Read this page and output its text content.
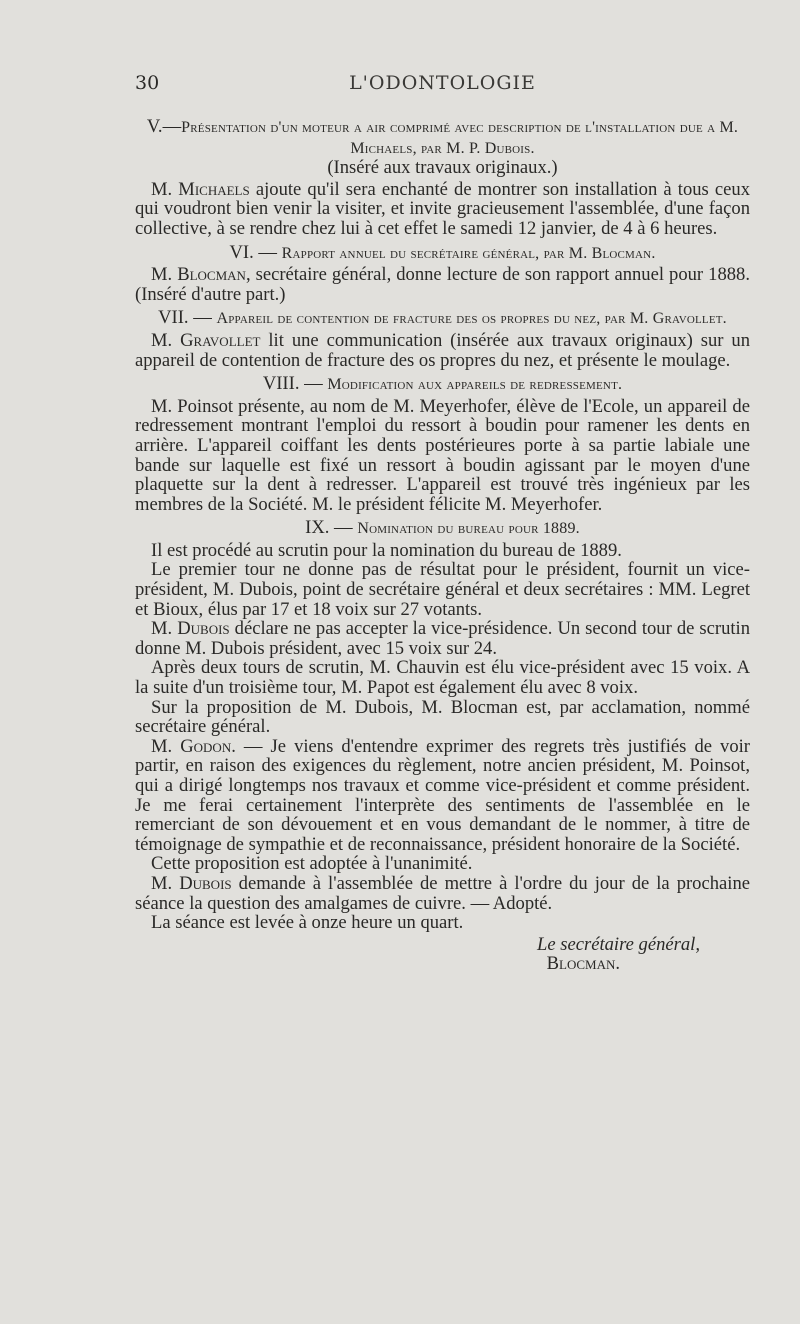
30	L'ODONTOLOGIE

V.—Présentation d'un moteur a air comprimé avec description de l'installation due a M. Michaels, par M. P. Dubois.
(Inséré aux travaux originaux.)

M. Michaels ajoute qu'il sera enchanté de montrer son installation à tous ceux qui voudront bien venir la visiter, et invite gracieusement l'assemblée, d'une façon collective, à se rendre chez lui à cet effet le samedi 12 janvier, de 4 à 6 heures.

VI. — Rapport annuel du secrétaire général, par M. Blocman.

M. Blocman, secrétaire général, donne lecture de son rapport annuel pour 1888. (Inséré d'autre part.)

VII. — Appareil de contention de fracture des os propres du nez, par M. Gravollet.

M. Gravollet lit une communication (insérée aux travaux originaux) sur un appareil de contention de fracture des os propres du nez, et présente le moulage.

VIII. — Modification aux appareils de redressement.

M. Poinsot présente, au nom de M. Meyerhofer, élève de l'Ecole, un appareil de redressement montrant l'emploi du ressort à boudin pour ramener les dents en arrière. L'appareil coiffant les dents postérieures porte à sa partie labiale une bande sur laquelle est fixé un ressort à boudin agissant par le moyen d'une plaquette sur la dent à redresser. L'appareil est trouvé très ingénieux par les membres de la Société. M. le président félicite M. Meyerhofer.

IX. — Nomination du bureau pour 1889.

Il est procédé au scrutin pour la nomination du bureau de 1889.

Le premier tour ne donne pas de résultat pour le président, fournit un vice-président, M. Dubois, point de secrétaire général et deux secrétaires : MM. Legret et Bioux, élus par 17 et 18 voix sur 27 votants.

M. Dubois déclare ne pas accepter la vice-présidence. Un second tour de scrutin donne M. Dubois président, avec 15 voix sur 24.

Après deux tours de scrutin, M. Chauvin est élu vice-président avec 15 voix. A la suite d'un troisième tour, M. Papot est également élu avec 8 voix.

Sur la proposition de M. Dubois, M. Blocman est, par acclamation, nommé secrétaire général.

M. Godon. — Je viens d'entendre exprimer des regrets très justifiés de voir partir, en raison des exigences du règlement, notre ancien président, M. Poinsot, qui a dirigé longtemps nos travaux et comme vice-président et comme président. Je me ferai certainement l'interprète des sentiments de l'assemblée en le remerciant de son dévouement et en vous demandant de le nommer, à titre de témoignage de sympathie et de reconnaissance, président honoraire de la Société.

Cette proposition est adoptée à l'unanimité.

M. Dubois demande à l'assemblée de mettre à l'ordre du jour de la prochaine séance la question des amalgames de cuivre. — Adopté.

La séance est levée à onze heure un quart.

Le secrétaire général,

Blocman.
